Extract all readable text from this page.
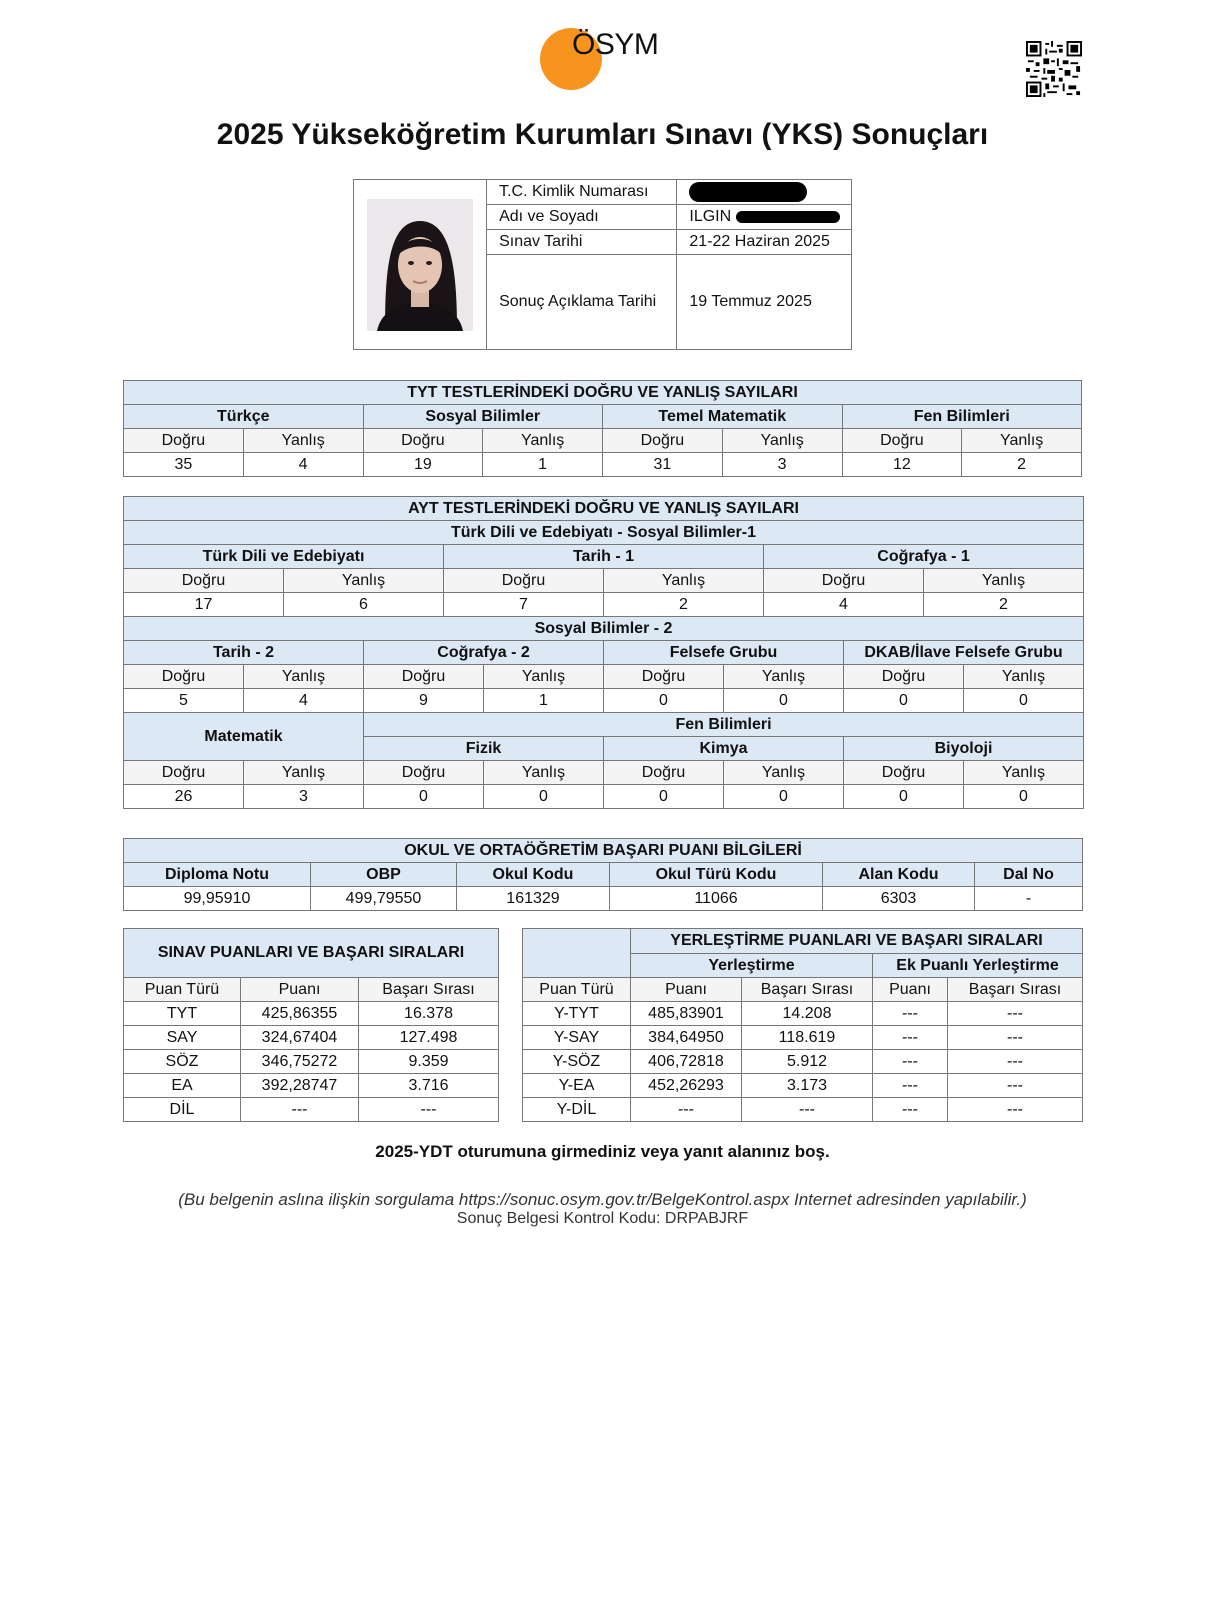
ÖSYM
2025 Yükseköğretim Kurumları Sınavı (YKS) Sonuçları
	T.C. Kimlik Numarası	
	Adı ve Soyadı	ILGIN
	Sınav Tarihi	21-22 Haziran 2025
	Sonuç Açıklama Tarihi	19 Temmuz 2025
TYT TESTLERİNDEKİ DOĞRU VE YANLIŞ SAYILARI							
Türkçe		Sosyal Bilimler		Temel Matematik		Fen Bilimleri	
Doğru	Yanlış	Doğru	Yanlış	Doğru	Yanlış	Doğru	Yanlış
35	4	19	1	31	3	12	2
AYT TESTLERİNDEKİ DOĞRU VE YANLIŞ SAYILARI											
Türk Dili ve Edebiyatı - Sosyal Bilimler-1											
Türk Dili ve Edebiyatı				Tarih - 1				Coğrafya - 1			
Doğru		Yanlış		Doğru		Yanlış		Doğru		Yanlış	
17		6		7		2		4		2	
Sosyal Bilimler - 2											
Tarih - 2			Coğrafya - 2			Felsefe Grubu			DKAB/İlave Felsefe Grubu		
Doğru	Yanlış		Doğru		Yanlış	Doğru	Yanlış		Doğru		Yanlış
5	4		9		1	0	0		0		0
Matematik			Fen Bilimleri								
			Fizik			Kimya			Biyoloji		
Doğru	Yanlış		Doğru		Yanlış	Doğru	Yanlış		Doğru		Yanlış
26	3		0		0	0	0		0		0
OKUL VE ORTAÖĞRETİM BAŞARI PUANI BİLGİLERİ					
Diploma Notu	OBP	Okul Kodu	Okul Türü Kodu	Alan Kodu	Dal No
99,95910	499,79550	161329	11066	6303	-
SINAV PUANLARI VE BAŞARI SIRALARI		
Puan Türü	Puanı	Başarı Sırası
TYT	425,86355	16.378
SAY	324,67404	127.498
SÖZ	346,75272	9.359
EA	392,28747	3.716
DİL	---	---
	YERLEŞTİRME PUANLARI VE BAŞARI SIRALARI			
	Yerleştirme		Ek Puanlı Yerleştirme	
Puan Türü	Puanı	Başarı Sırası	Puanı	Başarı Sırası
Y-TYT	485,83901	14.208	---	---
Y-SAY	384,64950	118.619	---	---
Y-SÖZ	406,72818	5.912	---	---
Y-EA	452,26293	3.173	---	---
Y-DİL	---	---	---	---
2025-YDT oturumuna girmediniz veya yanıt alanınız boş.
(Bu belgenin aslına ilişkin sorgulama https://sonuc.osym.gov.tr/BelgeKontrol.aspx Internet adresinden yapılabilir.)
Sonuç Belgesi Kontrol Kodu: DRPABJRF
